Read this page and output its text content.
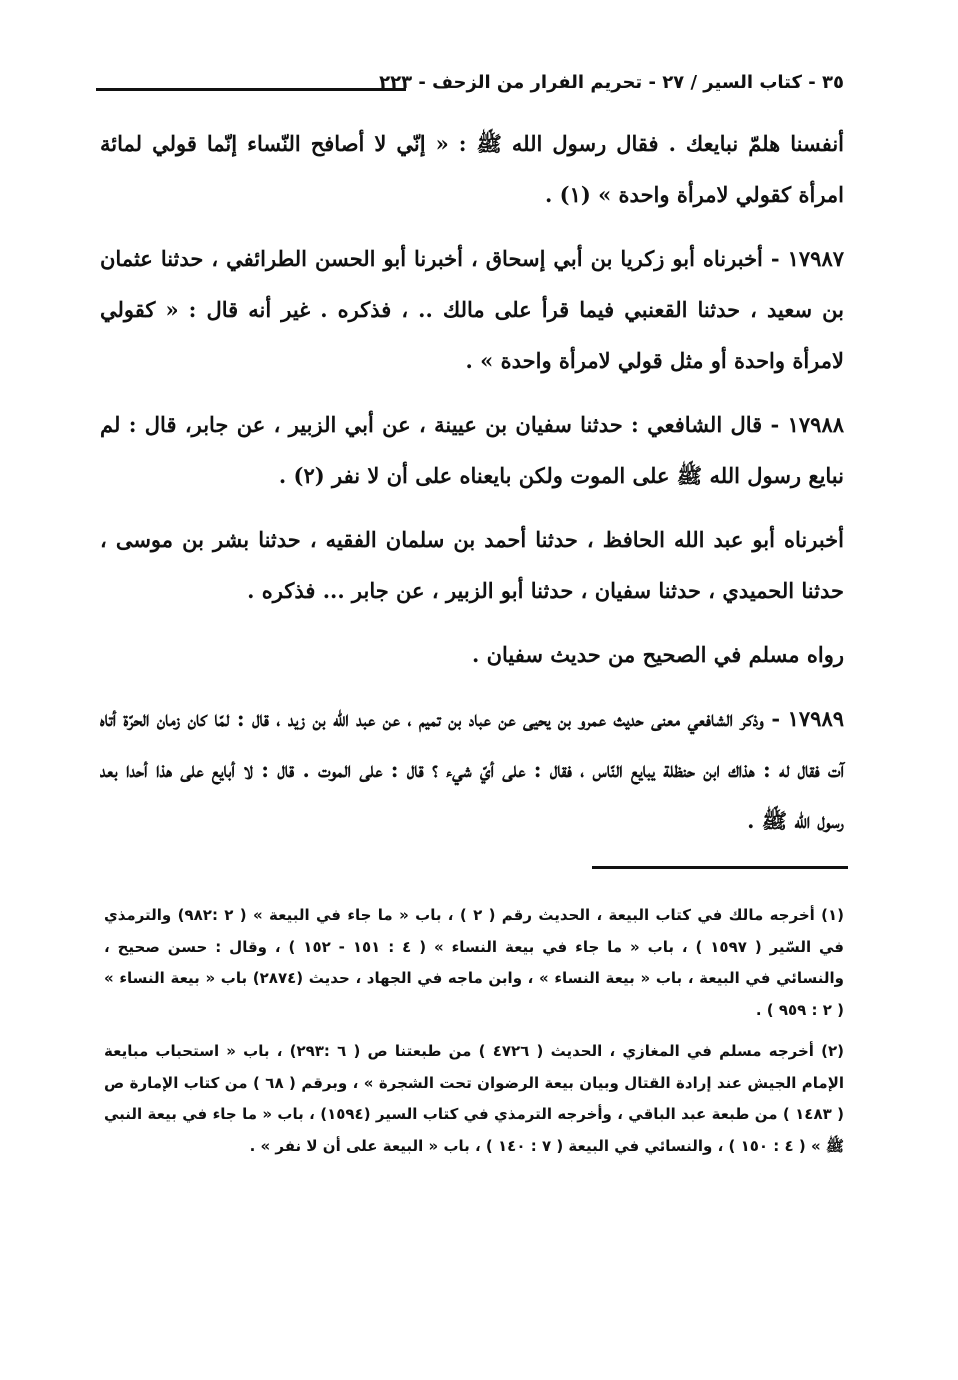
٣٥ - كتاب السير / ٢٧ - تحريم الفرار من الزحف - ٢٢٣

أنفسنا هلمّ نبايعك . فقال رسول الله ﷺ : « إنّي لا أصافح النّساء إنّما قولي لمائة امرأة كقولي لامرأة واحدة » (١) .

١٧٩٨٧ - أخبرناه أبو زكريا بن أبي إسحاق ، أخبرنا أبو الحسن الطرائفي ، حدثنا عثمان بن سعيد ، حدثنا القعنبي فيما قرأ على مالك .. ، فذكره . غير أنه قال : « كقولي لامرأة واحدة أو مثل قولي لامرأة واحدة » .

١٧٩٨٨ - قال الشافعي : حدثنا سفيان بن عيينة ، عن أبي الزبير ، عن جابر، قال : لم نبايع رسول الله ﷺ على الموت ولكن بايعناه على أن لا نفر (٢) .

أخبرناه أبو عبد الله الحافظ ، حدثنا أحمد بن سلمان الفقيه ، حدثنا بشر بن موسى ، حدثنا الحميدي ، حدثنا سفيان ، حدثنا أبو الزبير ، عن جابر ... فذكره .

رواه مسلم في الصحيح من حديث سفيان .

١٧٩٨٩ - وذكر الشافعي معنى حديث عمرو بن يحيى عن عباد بن تميم ، عن عبد الله بن زيد ، قال : لمّا كان زمان الحرّة أتاه آت فقال له : هذاك ابن حنظلة يبايع النّاس ، فقال : على أيّ شيء ؟ قال : على الموت . قال : لا أبايع على هذا أحدا بعد رسول الله ﷺ .

(١) أخرجه مالك في كتاب البيعة ، الحديث رقم ( ٢ ) ، باب « ما جاء في البيعة » ( ٢ :٩٨٢) والترمذي في السّير ( ١٥٩٧ ) ، باب « ما جاء في بيعة النساء » ( ٤ : ١٥١ - ١٥٢ ) ، وقال : حسن صحيح ، والنسائي في البيعة ، باب « بيعة النساء » ، وابن ماجه في الجهاد ، حديث (٢٨٧٤) باب « بيعة النساء » ( ٢ : ٩٥٩ ) .

(٢) أخرجه مسلم في المغازي ، الحديث ( ٤٧٢٦ ) من طبعتنا ص ( ٦ :٢٩٣) ، باب « استحباب مبايعة الإمام الجيش عند إرادة القتال وبيان بيعة الرضوان تحت الشجرة » ، وبرقم ( ٦٨ ) من كتاب الإمارة ص ( ١٤٨٣ ) من طبعة عبد الباقي ، وأخرجه الترمذي في كتاب السير (١٥٩٤) ، باب « ما جاء في بيعة النبي ﷺ » ( ٤ : ١٥٠ ) ، والنسائي في البيعة ( ٧ : ١٤٠ ) ، باب « البيعة على أن لا نفر » .
